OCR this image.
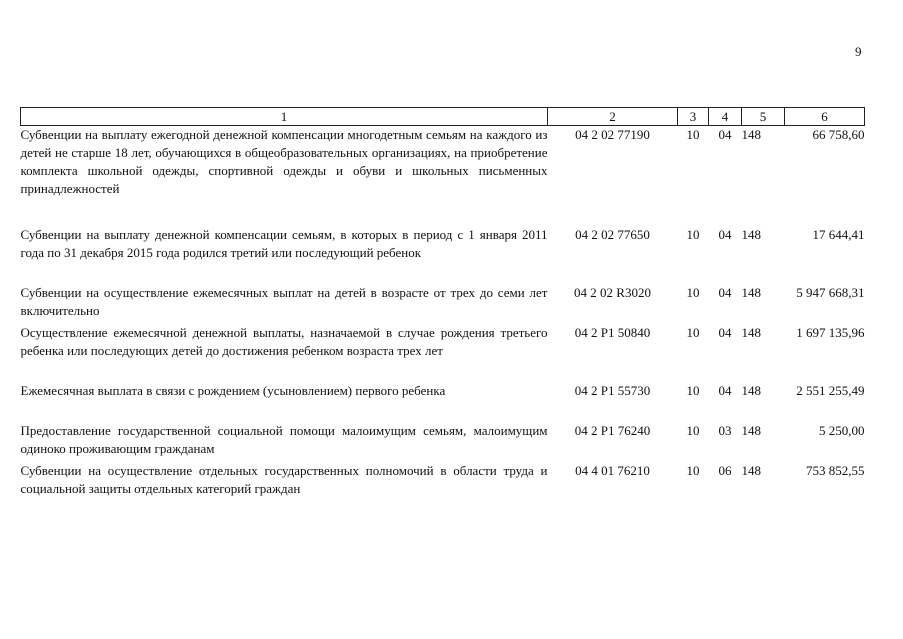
9
1	2	3	4	5	6
Субвенции на выплату ежегодной денежной компенсации многодетным семьям на каждого из детей не старше 18 лет, обучающихся в общеобразовательных организациях, на приобретение комплекта школьной одежды, спортивной одежды и обуви и школьных письменных принадлежностей	04 2 02 77190	10	04	148	66 758,60
Субвенции на выплату денежной компенсации семьям, в которых в период с 1 января 2011 года по 31 декабря 2015 года родился третий или последующий ребенок	04 2 02 77650	10	04	148	17 644,41
Субвенции на осуществление ежемесячных выплат на детей в возрасте от трех до семи лет включительно	04 2 02 R3020	10	04	148	5 947 668,31
Осуществление ежемесячной денежной выплаты, назначаемой в случае рождения третьего ребенка или последующих детей до достижения ребенком возраста трех лет	04 2 P1 50840	10	04	148	1 697 135,96
Ежемесячная выплата в связи с рождением (усыновлением) первого ребенка	04 2 P1 55730	10	04	148	2 551 255,49
Предоставление государственной социальной помощи малоимущим семьям, малоимущим одиноко проживающим гражданам	04 2 P1 76240	10	03	148	5 250,00
Субвенции на осуществление отдельных государственных полномочий в области труда и социальной защиты отдельных категорий граждан	04 4 01 76210	10	06	148	753 852,55
